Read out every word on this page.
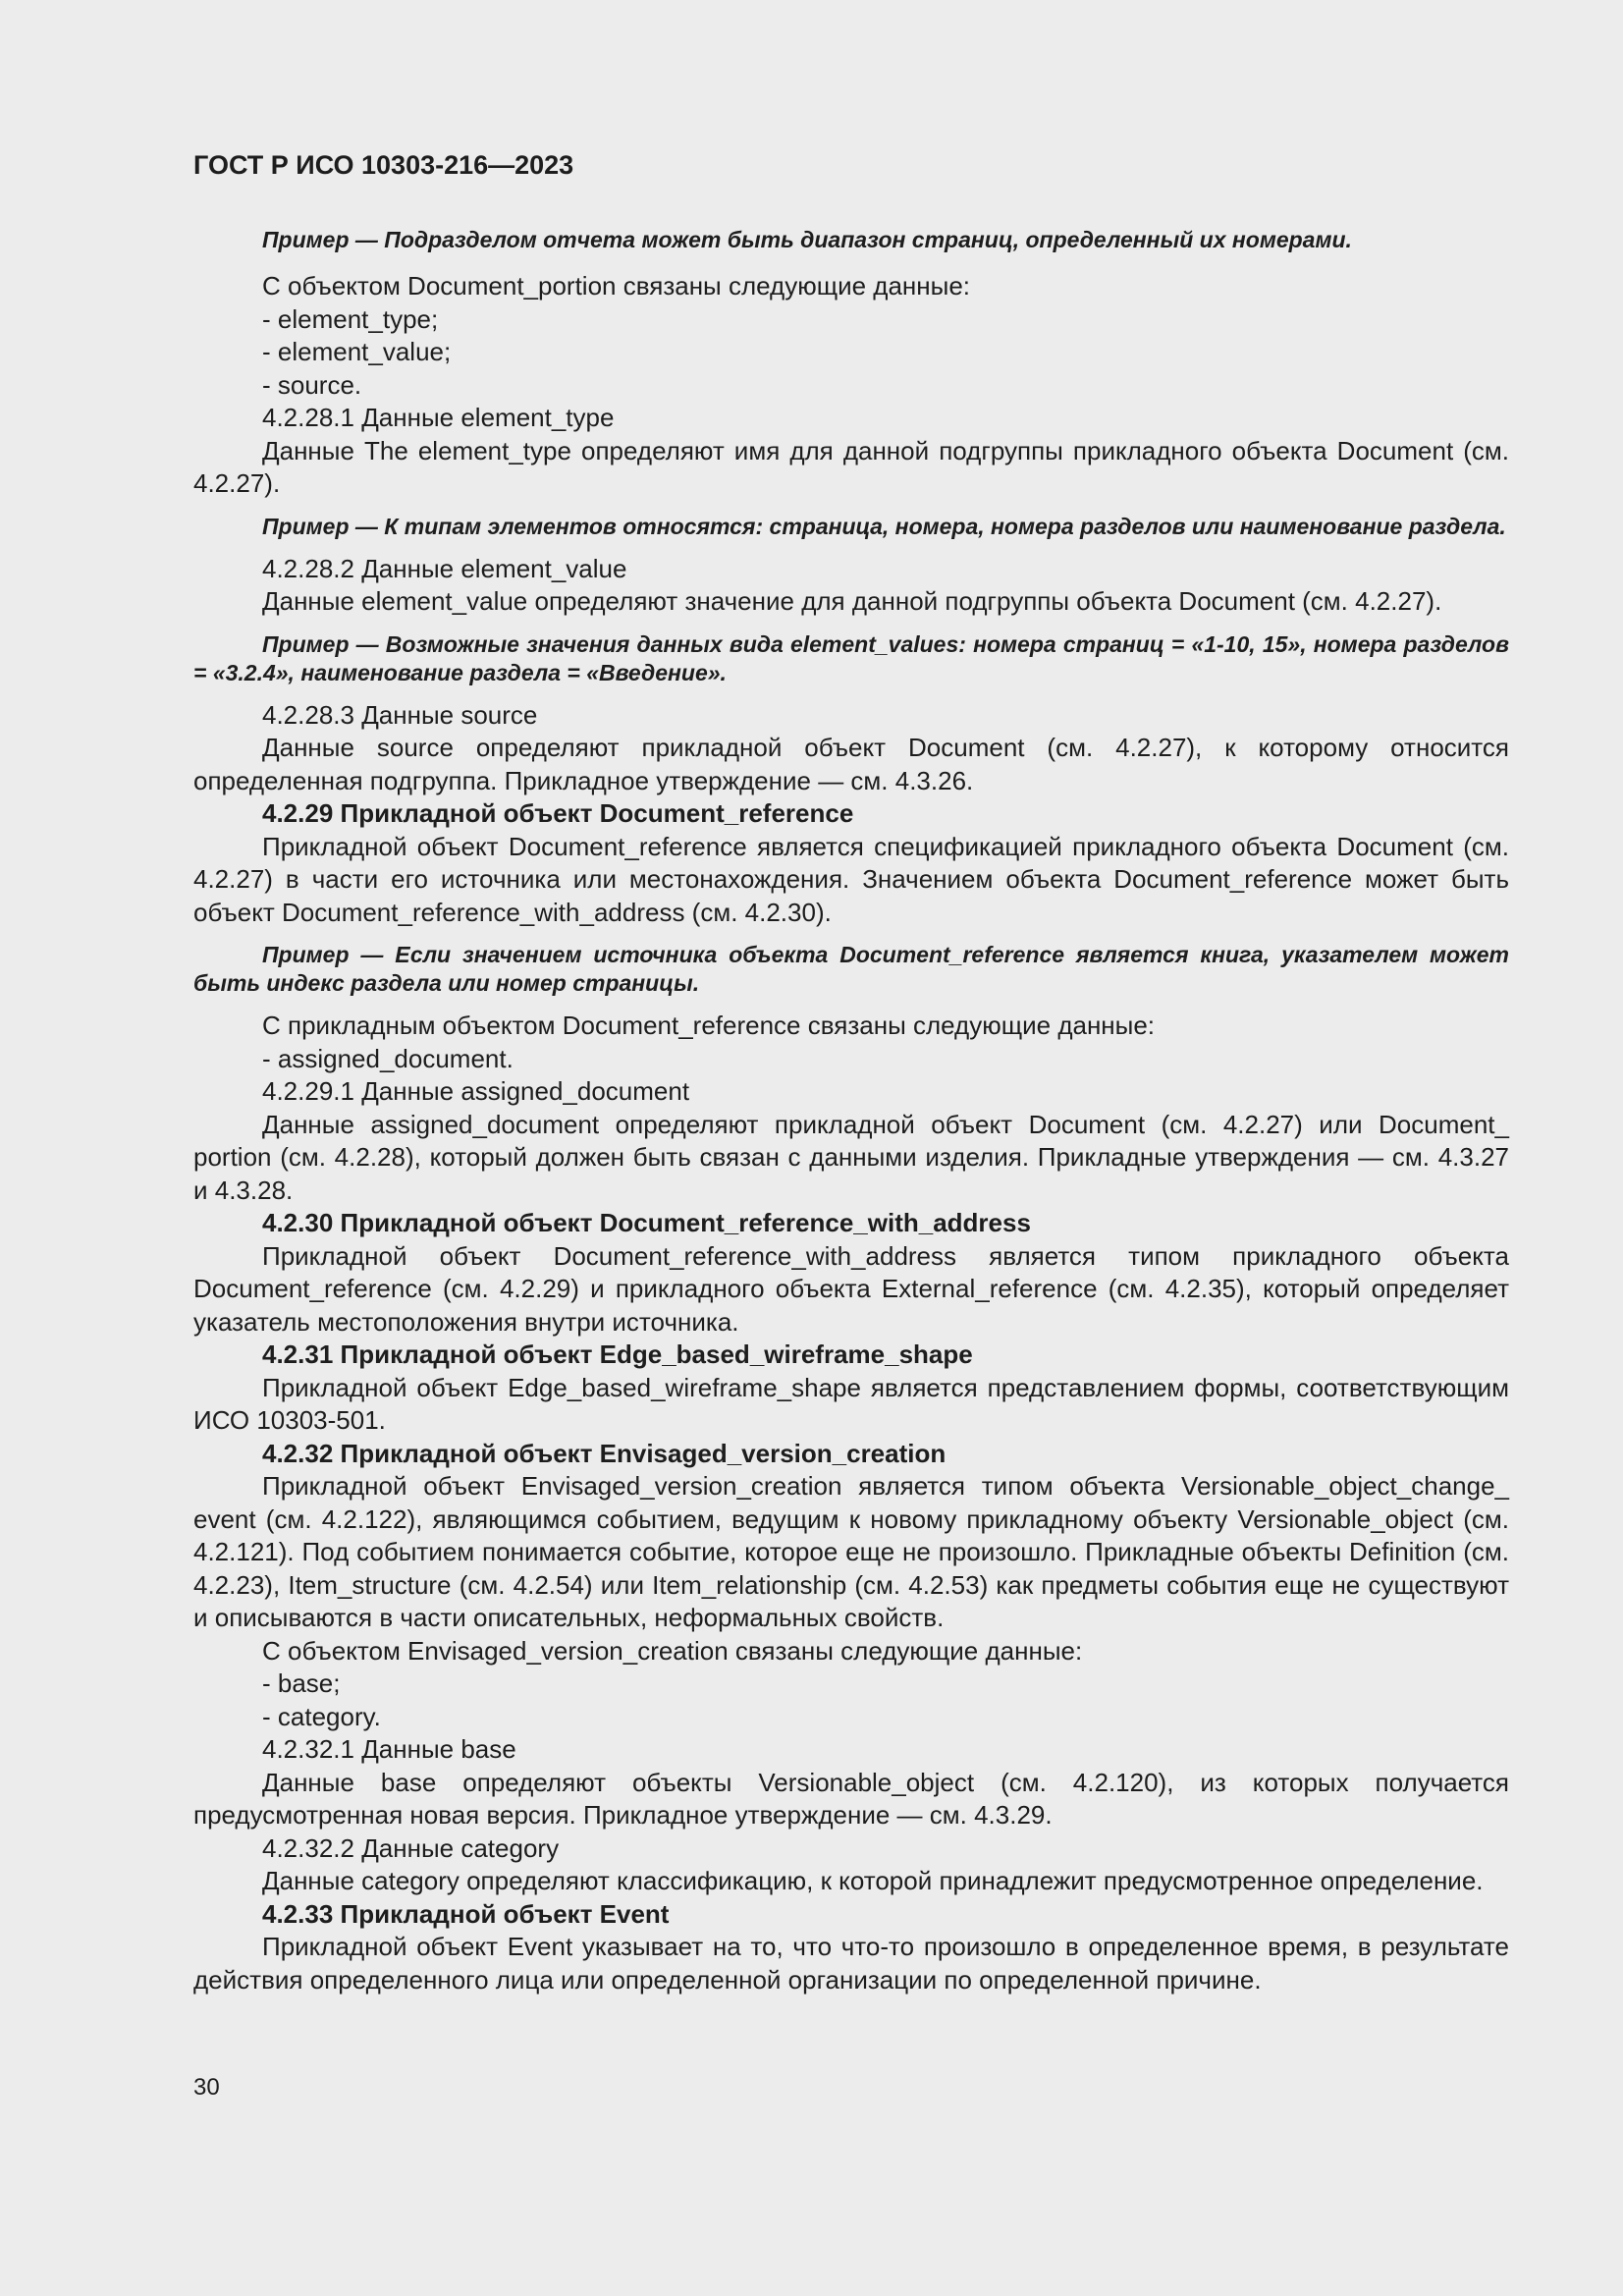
ГОСТ Р ИСО 10303-216—2023

Пример — Подразделом отчета может быть диапазон страниц, определенный их номерами.

С объектом Document_portion связаны следующие данные:

- element_type;

- element_value;

- source.

4.2.28.1 Данные element_type

Данные The element_type определяют имя для данной подгруппы прикладного объекта Document (см. 4.2.27).

Пример — К типам элементов относятся: страница, номера, номера разделов или наименование раздела.

4.2.28.2 Данные element_value

Данные element_value определяют значение для данной подгруппы объекта Document (см. 4.2.27).

Пример — Возможные значения данных вида element_values: номера страниц = «1-10, 15», номера разделов = «3.2.4», наименование раздела = «Введение».

4.2.28.3 Данные source

Данные source определяют прикладной объект Document (см. 4.2.27), к которому относится определенная подгруппа. Прикладное утверждение — см. 4.3.26.

4.2.29 Прикладной объект Document_reference

Прикладной объект Document_reference является спецификацией прикладного объекта Document (см. 4.2.27) в части его источника или местонахождения. Значением объекта Document_reference может быть объект Document_reference_with_address (см. 4.2.30).

Пример — Если значением источника объекта Document_reference является книга, указателем может быть индекс раздела или номер страницы.

С прикладным объектом Document_reference связаны следующие данные:

- assigned_document.

4.2.29.1 Данные assigned_document

Данные assigned_document определяют прикладной объект Document (см. 4.2.27) или Document_ portion (см. 4.2.28), который должен быть связан с данными изделия. Прикладные утверждения — см. 4.3.27 и 4.3.28.

4.2.30 Прикладной объект Document_reference_with_address

Прикладной объект Document_reference_with_address является типом прикладного объекта Document_reference (см. 4.2.29) и прикладного объекта External_reference (см. 4.2.35), который определяет указатель местоположения внутри источника.

4.2.31 Прикладной объект Edge_based_wireframe_shape

Прикладной объект Edge_based_wireframe_shape является представлением формы, соответствующим ИСО 10303-501.

4.2.32 Прикладной объект Envisaged_version_creation

Прикладной объект Envisaged_version_creation является типом объекта Versionable_object_change_ event (см. 4.2.122), являющимся событием, ведущим к новому прикладному объекту Versionable_object (см. 4.2.121). Под событием понимается событие, которое еще не произошло. Прикладные объекты Definition (см. 4.2.23), Item_structure (см. 4.2.54) или Item_relationship (см. 4.2.53) как предметы события еще не существуют и описываются в части описательных, неформальных свойств.

С объектом Envisaged_version_creation связаны следующие данные:

- base;

- category.

4.2.32.1 Данные base

Данные base определяют объекты Versionable_object (см. 4.2.120), из которых получается предусмотренная новая версия. Прикладное утверждение — см. 4.3.29.

4.2.32.2 Данные category

Данные category определяют классификацию, к которой принадлежит предусмотренное определение.

4.2.33 Прикладной объект Event

Прикладной объект Event указывает на то, что что-то произошло в определенное время, в результате действия определенного лица или определенной организации по определенной причине.

30
